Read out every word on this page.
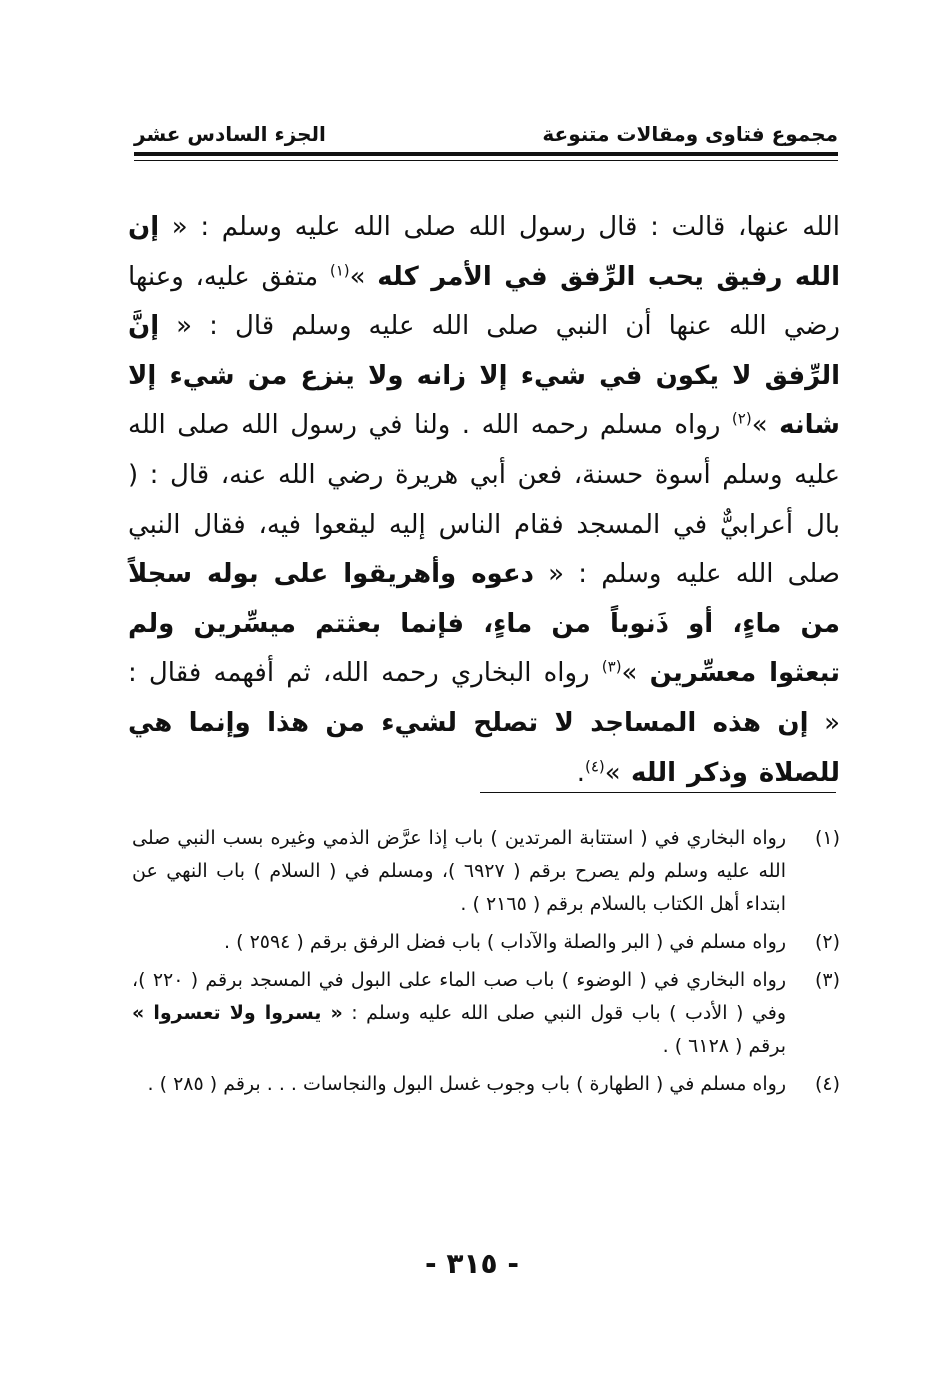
مجموع فتاوى ومقالات متنوعة
الجزء السادس عشر

الله عنها، قالت : قال رسول الله صلى الله عليه وسلم : « إن الله رفيق يحب الرِّفق في الأمر كله »$^{(١)}$ متفق عليه، وعنها رضي الله عنها أن النبي صلى الله عليه وسلم قال : « إنَّ الرِّفق لا يكون في شيء إلا زانه ولا ينزع من شيء إلا شانه »$^{(٢)}$ رواه مسلم رحمه الله . ولنا في رسول الله صلى الله عليه وسلم أسوة حسنة، فعن أبي هريرة رضي الله عنه، قال : ( بال أعرابيٌّ في المسجد فقام الناس إليه ليقعوا فيه، فقال النبي صلى الله عليه وسلم : « دعوه وأهريقوا على بوله سجلاً من ماءٍ، أو ذَنوباً من ماءٍ، فإنما بعثتم ميسِّرين ولم تبعثوا معسِّرين »$^{(٣)}$ رواه البخاري رحمه الله، ثم أفهمه فقال : « إن هذه المساجد لا تصلح لشيء من هذا وإنما هي للصلاة وذكر الله »$^{(٤)}$.

(١)
رواه البخاري في ( استتابة المرتدين ) باب إذا عرَّض الذمي وغيره بسب النبي صلى الله عليه وسلم ولم يصرح برقم ( ٦٩٢٧ )، ومسلم في ( السلام ) باب النهي عن ابتداء أهل الكتاب بالسلام برقم ( ٢١٦٥ ) .
(٢)
رواه مسلم في ( البر والصلة والآداب ) باب فضل الرفق برقم ( ٢٥٩٤ ) .
(٣)
رواه البخاري في ( الوضوء ) باب صب الماء على البول في المسجد برقم ( ٢٢٠ )، وفي ( الأدب ) باب قول النبي صلى الله عليه وسلم : « يسروا ولا تعسروا » برقم ( ٦١٢٨ ) .
(٤)
رواه مسلم في ( الطهارة ) باب وجوب غسل البول والنجاسات . . . برقم ( ٢٨٥ ) .
- ٣١٥ -
